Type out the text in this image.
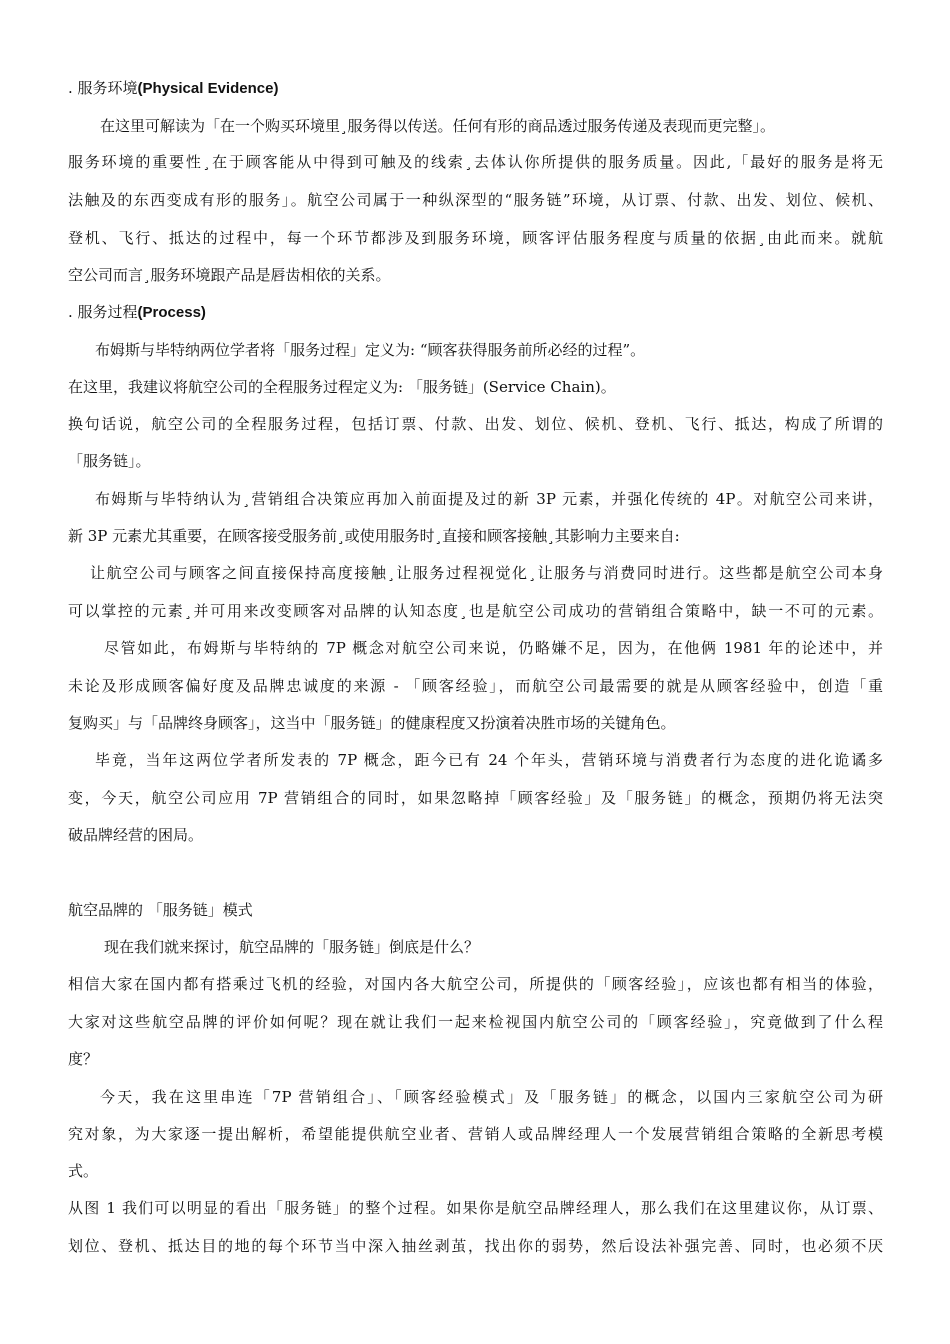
. 服务环境(Physical Evidence)
在这里可解读为「在一个购买环境里¸服务得以传送。任何有形的商品透过服务传递及表现而更完整」。
服务环境的重要性¸在于顾客能从中得到可触及的线索¸去体认你所提供的服务质量。因此,「最好的服务是将无
法触及的东西变成有形的服务」。航空公司属于一种纵深型的“服务链”环境，从订票、付款、出发、划位、候机、
登机、飞行、抵达的过程中，每一个环节都涉及到服务环境，顾客评估服务程度与质量的依据¸由此而来。就航
空公司而言¸服务环境跟产品是唇齿相依的关系。
. 服务过程(Process)
布姆斯与毕特纳两位学者将「服务过程」定义为: “顾客获得服务前所必经的过程”。
在这里，我建议将航空公司的全程服务过程定义为: 「服务链」(Service Chain)。
换句话说，航空公司的全程服务过程，包括订票、付款、出发、划位、候机、登机、飞行、抵达，构成了所谓的
「服务链」。
布姆斯与毕特纳认为¸营销组合决策应再加入前面提及过的新 3P 元素，并强化传统的 4P。对航空公司来讲，
新 3P 元素尤其重要，在顾客接受服务前¸或使用服务时¸直接和顾客接触¸其影响力主要来自:
让航空公司与顾客之间直接保持高度接触¸让服务过程视觉化¸让服务与消费同时进行。这些都是航空公司本身
可以掌控的元素¸并可用来改变顾客对品牌的认知态度¸也是航空公司成功的营销组合策略中，缺一不可的元素。
尽管如此，布姆斯与毕特纳的 7P 概念对航空公司来说，仍略嫌不足，因为，在他俩 1981 年的论述中，并
未论及形成顾客偏好度及品牌忠诚度的来源 - 「顾客经验」，而航空公司最需要的就是从顾客经验中，创造「重
复购买」与「品牌终身顾客」，这当中「服务链」的健康程度又扮演着决胜市场的关键角色。
毕竟，当年这两位学者所发表的 7P 概念，距今已有 24 个年头，营销环境与消费者行为态度的进化诡谲多
变，今天，航空公司应用 7P 营销组合的同时，如果忽略掉「顾客经验」及「服务链」的概念，预期仍将无法突
破品牌经营的困局。
航空品牌的 「服务链」模式
现在我们就来探讨，航空品牌的「服务链」倒底是什么？
相信大家在国内都有搭乘过飞机的经验，对国内各大航空公司，所提供的「顾客经验」，应该也都有相当的体验，
大家对这些航空品牌的评价如何呢？现在就让我们一起来检视国内航空公司的「顾客经验」，究竟做到了什么程
度？
今天，我在这里串连「7P 营销组合」、「顾客经验模式」及「服务链」的概念，以国内三家航空公司为研
究对象，为大家逐一提出解析，希望能提供航空业者、营销人或品牌经理人一个发展营销组合策略的全新思考模
式。
从图 1 我们可以明显的看出「服务链」的整个过程。如果你是航空品牌经理人，那么我们在这里建议你，从订票、
划位、登机、抵达目的地的每个环节当中深入抽丝剥茧，找出你的弱势，然后设法补强完善、同时，也必须不厌
